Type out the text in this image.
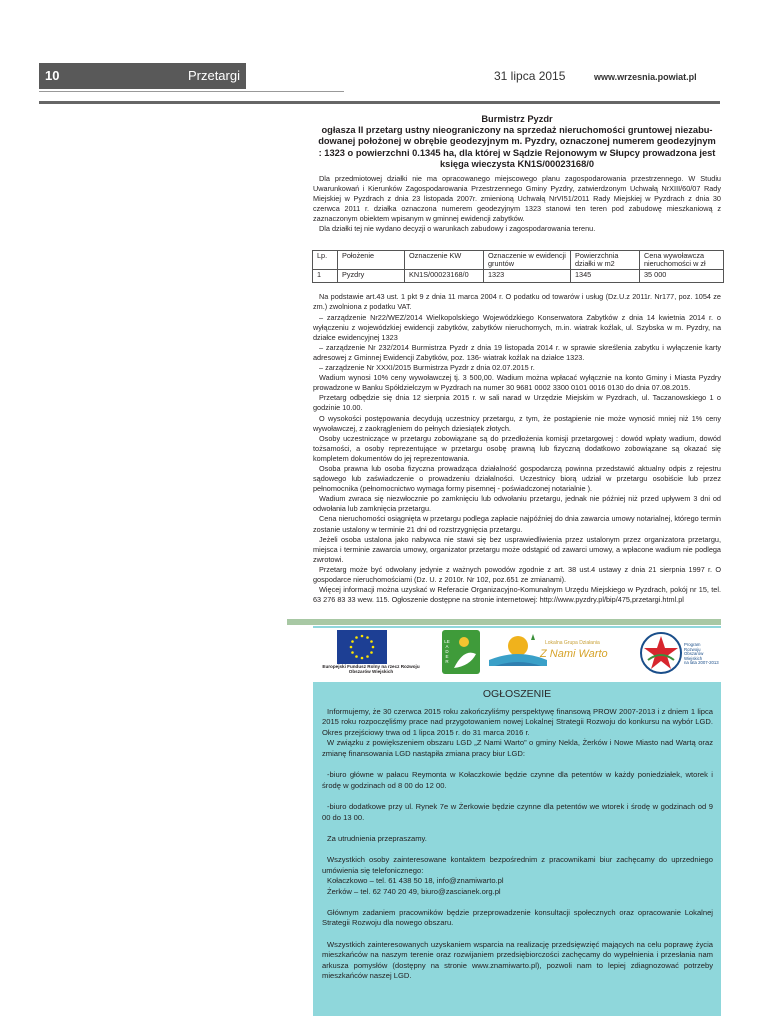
10	Przetargi	31 lipca 2015	www.wrzesnia.powiat.pl
Burmistrz Pyzdr
ogłasza II przetarg ustny nieograniczony na sprzedaż nieruchomości gruntowej niezabu-
dowanej położonej w obrębie geodezyjnym m. Pyzdry, oznaczonej numerem geodezyjnym
: 1323 o powierzchni 0.1345 ha, dla której w Sądzie Rejonowym w Słupcy prowadzona jest
księga wieczysta KN1S/00023168/0

Dla przedmiotowej działki nie ma opracowanego miejscowego planu zagospodarowania przestrzennego. W Studiu Uwarunkowań i Kierunków Zagospodarowania Przestrzennego Gminy Pyzdry, zatwierdzonym Uchwałą NrXIII/60/07 Rady Miejskiej w Pyzdrach z dnia 23 listopada 2007r. zmienioną Uchwałą NrVI51/2011 Rady Miejskiej w Pyzdrach z dnia 30 czerwca 2011 r. działka oznaczona numerem geodezyjnym 1323 stanowi ten teren pod zabudowę mieszkaniową z zaznaczonym obiektem wpisanym w gminnej ewidencji zabytków.

Dla działki tej nie wydano decyzji o warunkach zabudowy i zagospodarowania terenu.

Lp.	Położenie	Oznaczenie KW	Oznaczenie w ewidencji gruntów	Powierzchnia działki w m2	Cena wywoławcza nieruchomości w zł
1	Pyzdry	KN1S/00023168/0	1323	1345	35 000

Na podstawie art.43 ust. 1 pkt 9 z dnia 11 marca 2004 r. O podatku od towarów i usług (Dz.U.z 2011r. Nr177, poz. 1054 ze zm.) zwolniona z podatku VAT.

– zarządzenie Nr22/WEZ/2014 Wielkopolskiego Wojewódzkiego Konserwatora Zabytków z dnia 14 kwietnia 2014 r. o wyłączeniu z wojewódzkiej ewidencji zabytków, zabytków nieruchomych, m.in. wiatrak koźlak, ul. Szybska w m. Pyzdry, na działce ewidencyjnej 1323

– zarządzenie Nr 232/2014 Burmistrza Pyzdr z dnia 19 listopada 2014 r. w sprawie skreślenia zabytku i wyłączenie karty adresowej z Gminnej Ewidencji Zabytków, poz. 136- wiatrak koźlak na działce 1323.

– zarządzenie Nr XXXI/2015 Burmistrza Pyzdr z dnia 02.07.2015 r.

Wadium wynosi 10% ceny wywoławczej tj. 3 500,00. Wadium można wpłacać wyłącznie na konto Gminy i Miasta Pyzdry prowadzone w Banku Spółdzielczym w Pyzdrach na numer 30 9681 0002 3300 0101 0016 0130 do dnia 07.08.2015.

Przetarg odbędzie się dnia 12 sierpnia 2015 r. w sali narad w Urzędzie Miejskim w Pyzdrach, ul. Taczanowskiego 1 o godzinie 10.00.

O wysokości postępowania decydują uczestnicy przetargu, z tym, że postąpienie nie może wynosić mniej niż 1% ceny wywoławczej, z zaokrągleniem do pełnych dziesiątek złotych.

Osoby uczestniczące w przetargu zobowiązane są do przedłożenia komisji przetargowej : dowód wpłaty wadium, dowód tożsamości, a osoby reprezentujące w przetargu osobę prawną lub fizyczną dodatkowo zobowiązane są okazać się kompletem dokumentów do jej reprezentowania.

Osoba prawna lub osoba fizyczna prowadząca działalność gospodarczą powinna przedstawić aktualny odpis z rejestru sądowego lub zaświadczenie o prowadzeniu działalności. Uczestnicy biorą udział w przetargu osobiście lub przez pełnomocnika (pełnomocnictwo wymaga formy pisemnej - poświadczonej notarialnie ).

Wadium zwraca się niezwłocznie po zamknięciu lub odwołaniu przetargu, jednak nie później niż przed upływem 3 dni od odwołania lub zamknięcia przetargu.

Cena nieruchomości osiągnięta w przetargu podlega zapłacie najpóźniej do dnia zawarcia umowy notarialnej, którego termin zostanie ustalony w terminie 21 dni od rozstrzygnięcia przetargu.

Jeżeli osoba ustalona jako nabywca nie stawi się bez usprawiedliwienia przez ustalonym przez organizatora przetargu, miejsca i terminie zawarcia umowy, organizator przetargu może odstąpić od zawarci umowy, a wpłacone wadium nie podlega zwrotowi.

Przetarg może być odwołany jedynie z ważnych powodów zgodnie z art. 38 ust.4 ustawy z dnia 21 sierpnia 1997 r. O gospodarce nieruchomościami (Dz. U. z 2010r. Nr 102, poz.651 ze zmianami).

Więcej informacji można uzyskać w Referacie Organizacyjno-Komunalnym Urzędu Miejskiego w Pyzdrach, pokój nr 15, tel. 63 276 83 33 wew. 115. Ogłoszenie dostępne na stronie internetowej: http://www.pyzdry.pl/bip/475,przetargi.html.pl

Europejski Fundusz Rolny na rzecz Rozwoju Obszarów Wiejskich
LEADER
Lokalna Grupa Działania
Z Nami Warto
Program
Rozwoju
Obszarów
Wiejskich
na lata 2007-2013
OGŁOSZENIE

Informujemy, że 30 czerwca 2015 roku zakończyliśmy perspektywę finansową PROW 2007-2013 i z dniem 1 lipca 2015 roku rozpoczęliśmy prace nad przygotowaniem nowej Lokalnej Strategii Rozwoju do konkursu na wybór LGD. Okres przejściowy trwa od 1 lipca 2015 r. do 31 marca 2016 r.

W związku z powiększeniem obszaru LGD „Z Nami Warto” o gminy Nekla, Żerków i Nowe Miasto nad Wartą oraz zmianę finansowania LGD nastąpiła zmiana pracy biur LGD:

-biuro główne w pałacu Reymonta w Kołaczkowie będzie czynne dla petentów w każdy poniedziałek, wtorek i środę w godzinach od 8 00 do 12 00.

-biuro dodatkowe przy ul. Rynek 7e w Żerkowie będzie czynne dla petentów we wtorek i środę w godzinach od 9 00 do 13 00.

Za utrudnienia przepraszamy.

Wszystkich osoby zainteresowane kontaktem bezpośrednim z pracownikami biur zachęcamy do uprzedniego umówienia się telefonicznego:

Kołaczkowo – tel. 61 438 50 18, info@znamiwarto.pl
Żerków – tel. 62 740 20 49, biuro@zascianek.org.pl

Głównym zadaniem pracowników będzie przeprowadzenie konsultacji społecznych oraz opracowanie Lokalnej Strategii Rozwoju dla nowego obszaru.

Wszystkich zainteresowanych uzyskaniem wsparcia na realizację przedsięwzięć mających na celu poprawę życia mieszkańców na naszym terenie oraz rozwijaniem przedsiębiorczości zachęcamy do wypełnienia i przesłania nam arkusza pomysłów (dostępny na stronie www.znamiwarto.pl), pozwoli nam to lepiej zdiagnozować potrzeby mieszkańców naszej LGD.
